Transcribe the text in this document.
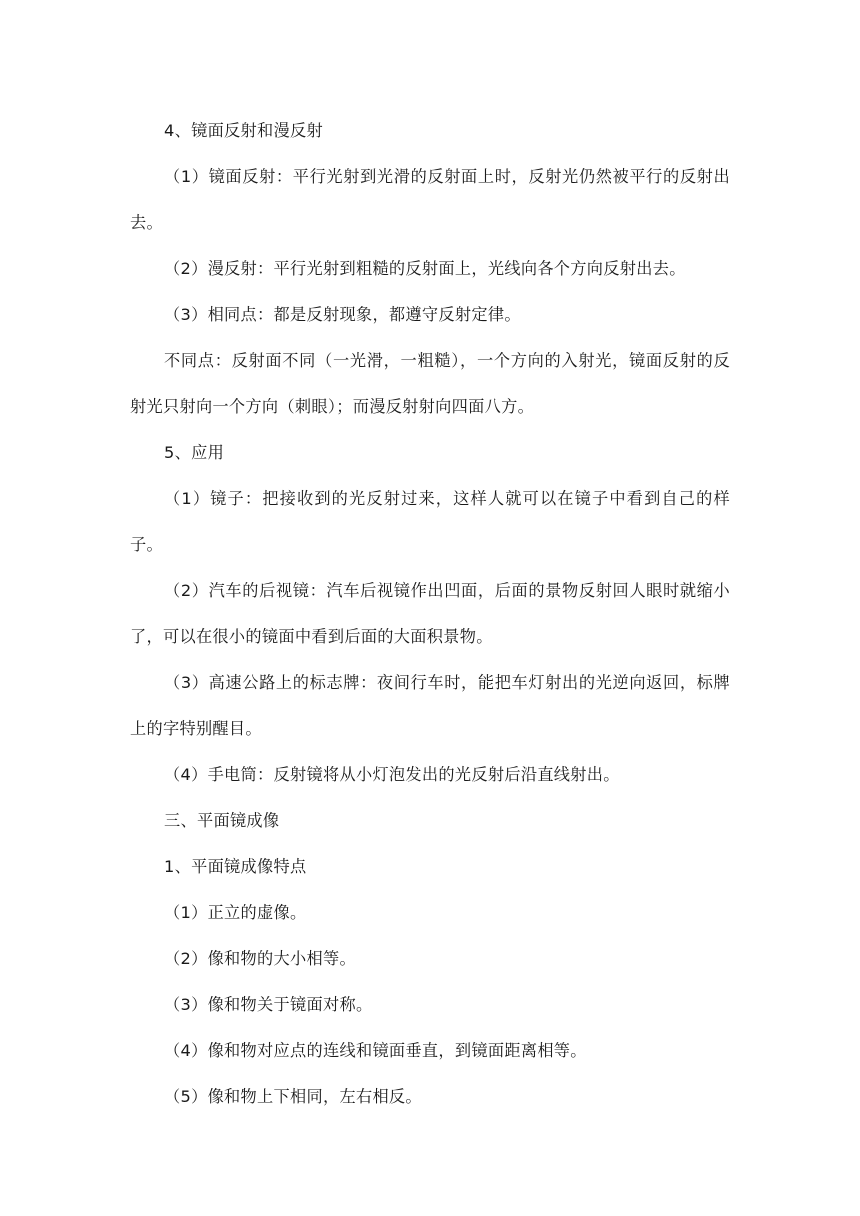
4、镜面反射和漫反射

（1）镜面反射：平行光射到光滑的反射面上时，反射光仍然被平行的反射出去。

（2）漫反射：平行光射到粗糙的反射面上，光线向各个方向反射出去。

（3）相同点：都是反射现象，都遵守反射定律。

不同点：反射面不同（一光滑，一粗糙），一个方向的入射光，镜面反射的反射光只射向一个方向（刺眼）；而漫反射射向四面八方。

5、应用

（1）镜子：把接收到的光反射过来，这样人就可以在镜子中看到自己的样子。

（2）汽车的后视镜：汽车后视镜作出凹面，后面的景物反射回人眼时就缩小了，可以在很小的镜面中看到后面的大面积景物。

（3）高速公路上的标志牌：夜间行车时，能把车灯射出的光逆向返回，标牌上的字特别醒目。

（4）手电筒：反射镜将从小灯泡发出的光反射后沿直线射出。

三、平面镜成像

1、平面镜成像特点

（1）正立的虚像。

（2）像和物的大小相等。

（3）像和物关于镜面对称。

（4）像和物对应点的连线和镜面垂直，到镜面距离相等。

（5）像和物上下相同，左右相反。
